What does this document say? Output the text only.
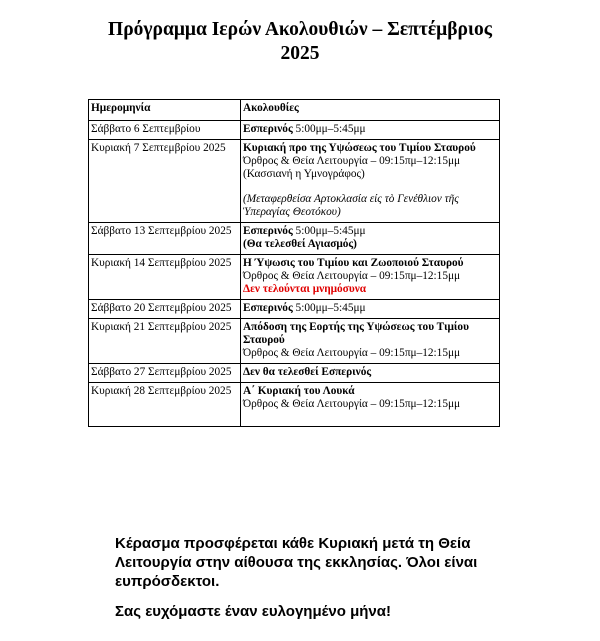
Πρόγραμμα Ιερών Ακολουθιών – Σεπτέμβριος
2025
Ημερομηνία	Ακολουθίες
Σάββατο 6 Σεπτεμβρίου	Εσπερινός 5:00μμ–5:45μμ

Κυριακή 7 Σεπτεμβρίου 2025	Κυριακή προ της Υψώσεως του Τιμίου Σταυρού
Όρθρος & Θεία Λειτουργία – 09:15πμ–12:15μμ
(Κασσιανή η Υμνογράφος)
(Μεταφερθείσα Αρτοκλασία είς τὸ Γενέθλιον τῆς
Ὑπεραγίας Θεοτόκου)

Σάββατο 13 Σεπτεμβρίου 2025	Εσπερινός 5:00μμ–5:45μμ
(Θα τελεσθεί Αγιασμός)

Κυριακή 14 Σεπτεμβρίου 2025	Η Ύψωσις του Τιμίου και Ζωοποιού Σταυρού
Όρθρος & Θεία Λειτουργία – 09:15πμ–12:15μμ
Δεν τελούνται μνημόσυνα

Σάββατο 20 Σεπτεμβρίου 2025	Εσπερινός 5:00μμ–5:45μμ

Κυριακή 21 Σεπτεμβρίου 2025	Απόδοση της Εορτής της Υψώσεως του Τιμίου
Σταυρού
Όρθρος & Θεία Λειτουργία – 09:15πμ–12:15μμ

Σάββατο 27 Σεπτεμβρίου 2025	Δεν θα τελεσθεί Εσπερινός

Κυριακή 28 Σεπτεμβρίου 2025	Α΄ Κυριακή του Λουκά
Όρθρος & Θεία Λειτουργία – 09:15πμ–12:15μμ

Κέρασμα προσφέρεται κάθε Κυριακή μετά τη Θεία Λειτουργία στην αίθουσα της εκκλησίας. Όλοι είναι ευπρόσδεκτοι.

Σας ευχόμαστε έναν ευλογημένο μήνα!
